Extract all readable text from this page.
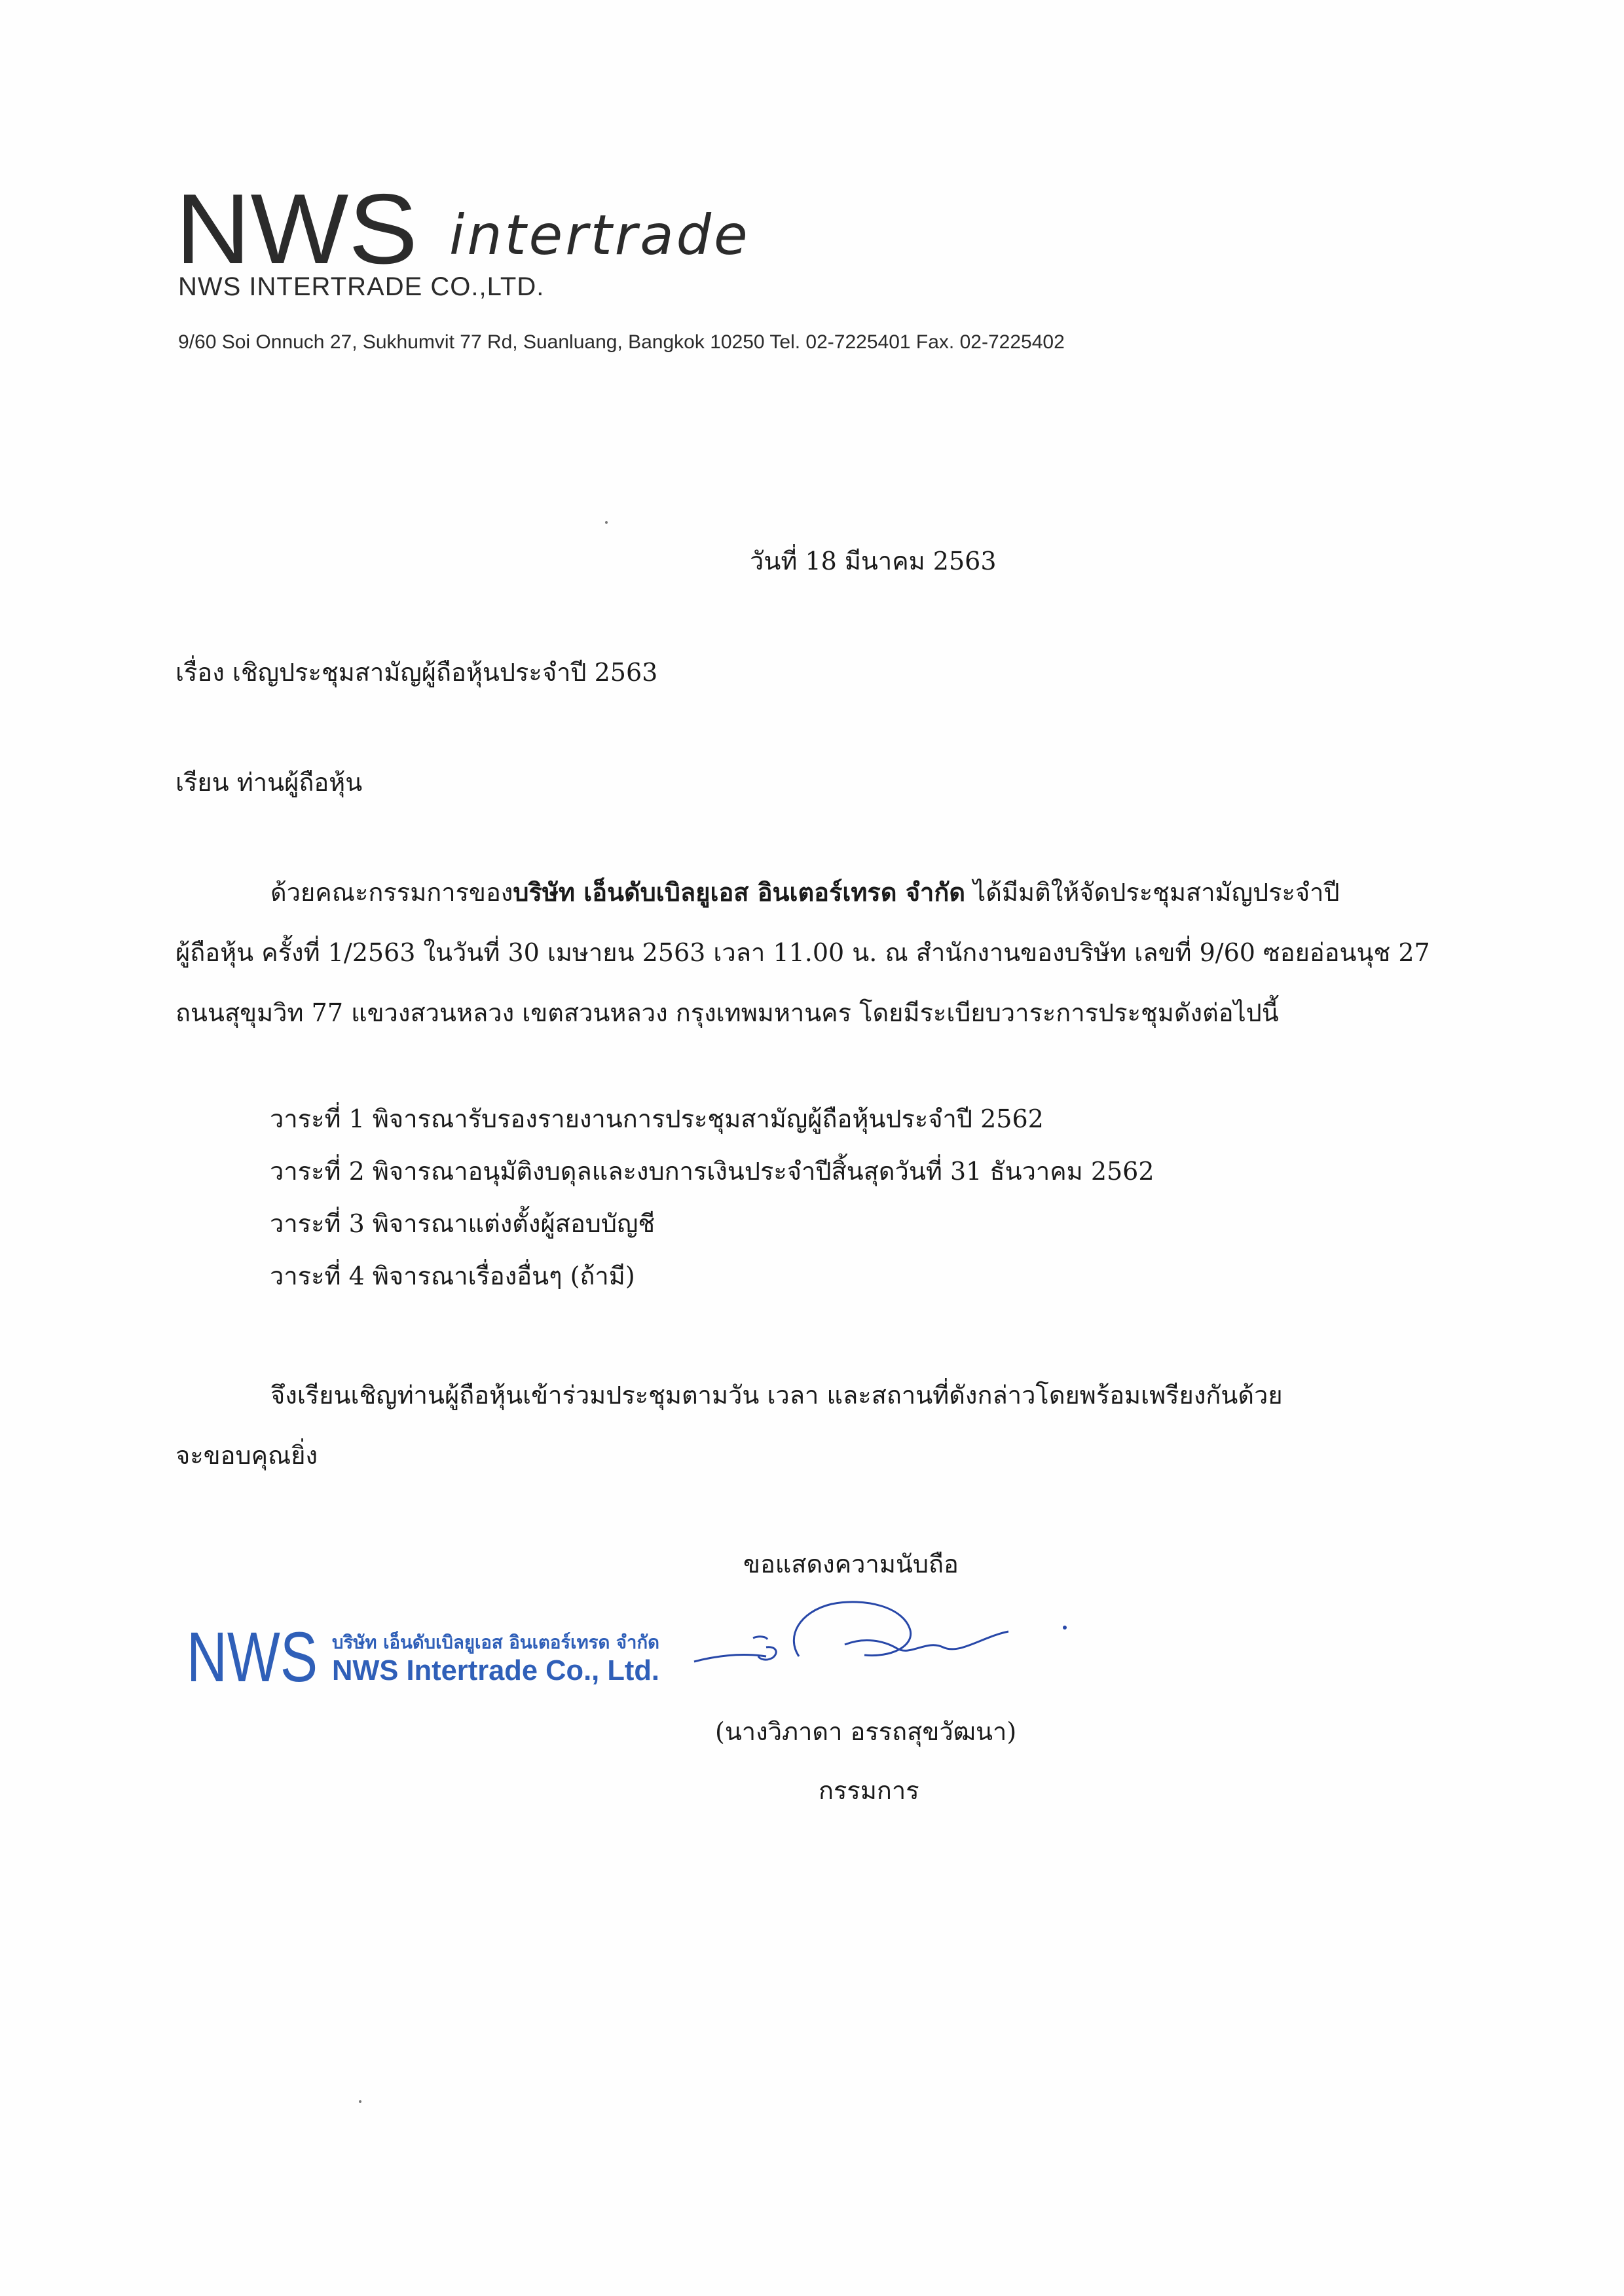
NWS intertrade
NWS INTERTRADE CO.,LTD.
9/60 Soi Onnuch 27, Sukhumvit 77 Rd, Suanluang, Bangkok 10250 Tel. 02-7225401 Fax. 02-7225402
วันที่ 18 มีนาคม 2563
เรื่อง เชิญประชุมสามัญผู้ถือหุ้นประจำปี 2563
เรียน ท่านผู้ถือหุ้น
ด้วยคณะกรรมการของบริษัท เอ็นดับเบิลยูเอส อินเตอร์เทรด จำกัด ได้มีมติให้จัดประชุมสามัญประจำปี
ผู้ถือหุ้น ครั้งที่ 1/2563 ในวันที่ 30 เมษายน 2563 เวลา 11.00 น. ณ สำนักงานของบริษัท เลขที่ 9/60 ซอยอ่อนนุช 27
ถนนสุขุมวิท 77 แขวงสวนหลวง เขตสวนหลวง กรุงเทพมหานคร โดยมีระเบียบวาระการประชุมดังต่อไปนี้
วาระที่ 1 พิจารณารับรองรายงานการประชุมสามัญผู้ถือหุ้นประจำปี 2562
วาระที่ 2 พิจารณาอนุมัติงบดุลและงบการเงินประจำปีสิ้นสุดวันที่ 31 ธันวาคม 2562
วาระที่ 3 พิจารณาแต่งตั้งผู้สอบบัญชี
วาระที่ 4 พิจารณาเรื่องอื่นๆ (ถ้ามี)
จึงเรียนเชิญท่านผู้ถือหุ้นเข้าร่วมประชุมตามวัน เวลา และสถานที่ดังกล่าวโดยพร้อมเพรียงกันด้วย
จะขอบคุณยิ่ง
ขอแสดงความนับถือ
NWS บริษัท เอ็นดับเบิลยูเอส อินเตอร์เทรด จำกัด
NWS Intertrade Co., Ltd.
(นางวิภาดา อรรถสุขวัฒนา)
กรรมการ
